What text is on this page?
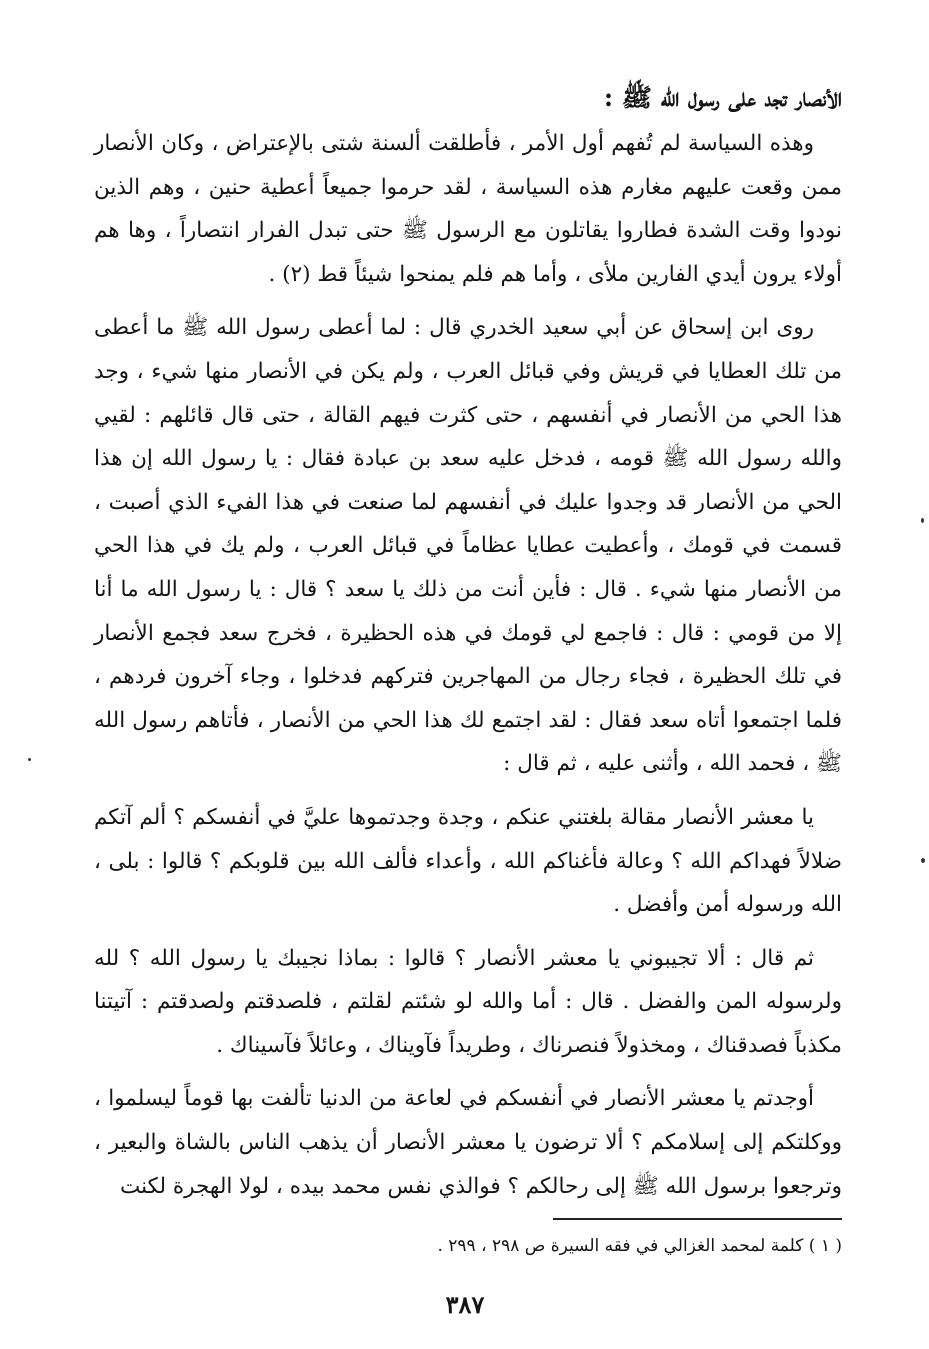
الأنصار تجد على رسول الله ﷺ :

وهذه السياسة لم تُفهم أول الأمر ، فأطلقت ألسنة شتى بالإعتراض ، وكان الأنصار ممن وقعت عليهم مغارم هذه السياسة ، لقد حرموا جميعاً أعطية حنين ، وهم الذين نودوا وقت الشدة فطاروا يقاتلون مع الرسول ﷺ حتى تبدل الفرار انتصاراً ، وها هم أولاء يرون أيدي الفارين ملأى ، وأما هم فلم يمنحوا شيئاً قط (٢) .

روى ابن إسحاق عن أبي سعيد الخدري قال : لما أعطى رسول الله ﷺ ما أعطى من تلك العطايا في قريش وفي قبائل العرب ، ولم يكن في الأنصار منها شيء ، وجد هذا الحي من الأنصار في أنفسهم ، حتى كثرت فيهم القالة ، حتى قال قائلهم : لقيي والله رسول الله ﷺ قومه ، فدخل عليه سعد بن عبادة فقال : يا رسول الله إن هذا الحي من الأنصار قد وجدوا عليك في أنفسهم لما صنعت في هذا الفيء الذي أصبت ، قسمت في قومك ، وأعطيت عطايا عظاماً في قبائل العرب ، ولم يك في هذا الحي من الأنصار منها شيء . قال : فأين أنت من ذلك يا سعد ؟ قال : يا رسول الله ما أنا إلا من قومي : قال : فاجمع لي قومك في هذه الحظيرة ، فخرج سعد فجمع الأنصار في تلك الحظيرة ، فجاء رجال من المهاجرين فتركهم فدخلوا ، وجاء آخرون فردهم ، فلما اجتمعوا أتاه سعد فقال : لقد اجتمع لك هذا الحي من الأنصار ، فأتاهم رسول الله ﷺ ، فحمد الله ، وأثنى عليه ، ثم قال :

يا معشر الأنصار مقالة بلغتني عنكم ، وجدة وجدتموها عليَّ في أنفسكم ؟ ألم آتكم ضلالاً فهداكم الله ؟ وعالة فأغناكم الله ، وأعداء فألف الله بين قلوبكم ؟ قالوا : بلى ، الله ورسوله أمن وأفضل .

ثم قال : ألا تجيبوني يا معشر الأنصار ؟ قالوا : بماذا نجيبك يا رسول الله ؟ لله ولرسوله المن والفضل . قال : أما والله لو شئتم لقلتم ، فلصدقتم ولصدقتم : آتيتنا مكذباً فصدقناك ، ومخذولاً فنصرناك ، وطريداً فآويناك ، وعائلاً فآسيناك .

أوجدتم يا معشر الأنصار في أنفسكم في لعاعة من الدنيا تألفت بها قوماً ليسلموا ، ووكلتكم إلى إسلامكم ؟ ألا ترضون يا معشر الأنصار أن يذهب الناس بالشاة والبعير ، وترجعوا برسول الله ﷺ إلى رحالكم ؟ فوالذي نفس محمد بيده ، لولا الهجرة لكنت

( ١ ) كلمة لمحمد الغزالي في فقه السيرة ص ٢٩٨ ، ٢٩٩ .
٣٨٧
